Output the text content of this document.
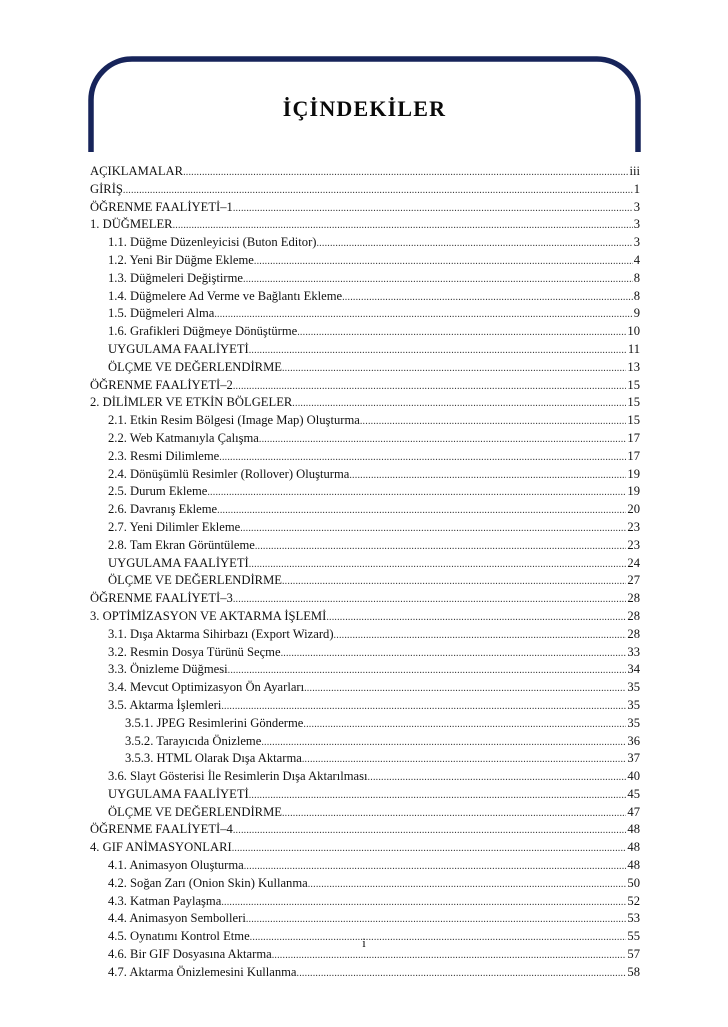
İÇİNDEKİLER
AÇIKLAMALAR .....	iii
GİRİŞ .....	1
ÖĞRENME FAALİYETİ–1 .....	3
1. DÜĞMELER .....	3
1.1. Düğme Düzenleyicisi (Buton Editor) .....	3
1.2. Yeni Bir Düğme Ekleme .....	4
1.3. Düğmeleri Değiştirme .....	8
1.4. Düğmelere Ad Verme ve Bağlantı Ekleme .....	8
1.5. Düğmeleri Alma .....	9
1.6. Grafikleri Düğmeye Dönüştürme .....	10
UYGULAMA FAALİYETİ .....	11
ÖLÇME VE DEĞERLENDİRME .....	13
ÖĞRENME FAALİYETİ–2 .....	15
2. DİLİMLER VE ETKİN BÖLGELER .....	15
2.1. Etkin Resim Bölgesi (Image Map) Oluşturma .....	15
2.2. Web Katmanıyla Çalışma .....	17
2.3. Resmi Dilimleme .....	17
2.4. Dönüşümlü Resimler (Rollover) Oluşturma .....	19
2.5. Durum Ekleme .....	19
2.6. Davranış Ekleme .....	20
2.7. Yeni Dilimler Ekleme .....	23
2.8. Tam Ekran Görüntüleme .....	23
UYGULAMA FAALİYETİ .....	24
ÖLÇME VE DEĞERLENDİRME .....	27
ÖĞRENME FAALİYETİ–3 .....	28
3. OPTİMİZASYON VE AKTARMA İŞLEMİ .....	28
3.1. Dışa Aktarma Sihirbazı (Export Wizard) .....	28
3.2. Resmin Dosya Türünü Seçme .....	33
3.3. Önizleme Düğmesi .....	34
3.4. Mevcut Optimizasyon Ön Ayarları .....	35
3.5. Aktarma İşlemleri .....	35
3.5.1. JPEG Resimlerini Gönderme .....	35
3.5.2. Tarayıcıda Önizleme .....	36
3.5.3. HTML Olarak Dışa Aktarma .....	37
3.6. Slayt Gösterisi İle Resimlerin Dışa Aktarılması .....	40
UYGULAMA FAALİYETİ .....	45
ÖLÇME VE DEĞERLENDİRME .....	47
ÖĞRENME FAALİYETİ–4 .....	48
4. GIF ANİMASYONLARI .....	48
4.1. Animasyon Oluşturma .....	48
4.2. Soğan Zarı (Onion Skin) Kullanma .....	50
4.3. Katman Paylaşma .....	52
4.4. Animasyon Sembolleri .....	53
4.5. Oynatımı Kontrol Etme .....	55
4.6. Bir GIF Dosyasına Aktarma .....	57
4.7. Aktarma Önizlemesini Kullanma .....	58
i
